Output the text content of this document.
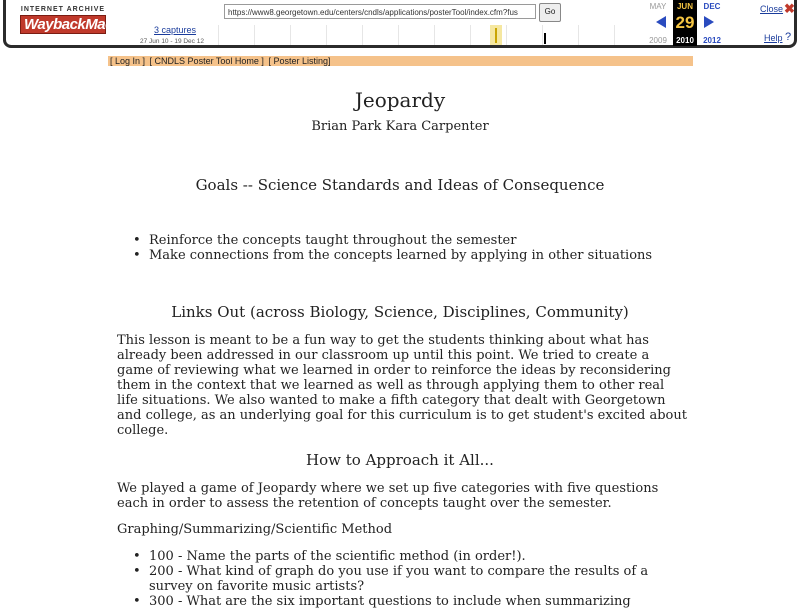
INTERNET ARCHIVE
WaybackMachine
https://www8.georgetown.edu/centers/cndls/applications/posterTool/index.cfm?fus	Go
3 captures
27 Jun 10 - 19 Dec 12
MAY
2009
JUN
29
2010
DEC
2012
Close ✖
Help ?
[ Log In ] [ CNDLS Poster Tool Home ] [ Poster Listing]
Jeopardy
Brian Park Kara Carpenter
Goals -- Science Standards and Ideas of Consequence
• Reinforce the concepts taught throughout the semester
• Make connections from the concepts learned by applying in other situations
Links Out (across Biology, Science, Disciplines, Community)

This lesson is meant to be a fun way to get the students thinking about what has already been addressed in our classroom up until this point. We tried to create a game of reviewing what we learned in order to reinforce the ideas by reconsidering them in the context that we learned as well as through applying them to other real life situations. We also wanted to make a fifth category that dealt with Georgetown and college, as an underlying goal for this curriculum is to get student's excited about college.

How to Approach it All...

We played a game of Jeopardy where we set up five categories with five questions each in order to assess the retention of concepts taught over the semester.

Graphing/Summarizing/Scientific Method

• 100 - Name the parts of the scientific method (in order!).
• 200 - What kind of graph do you use if you want to compare the results of a survey on favorite music artists?
• 300 - What are the six important questions to include when summarizing
